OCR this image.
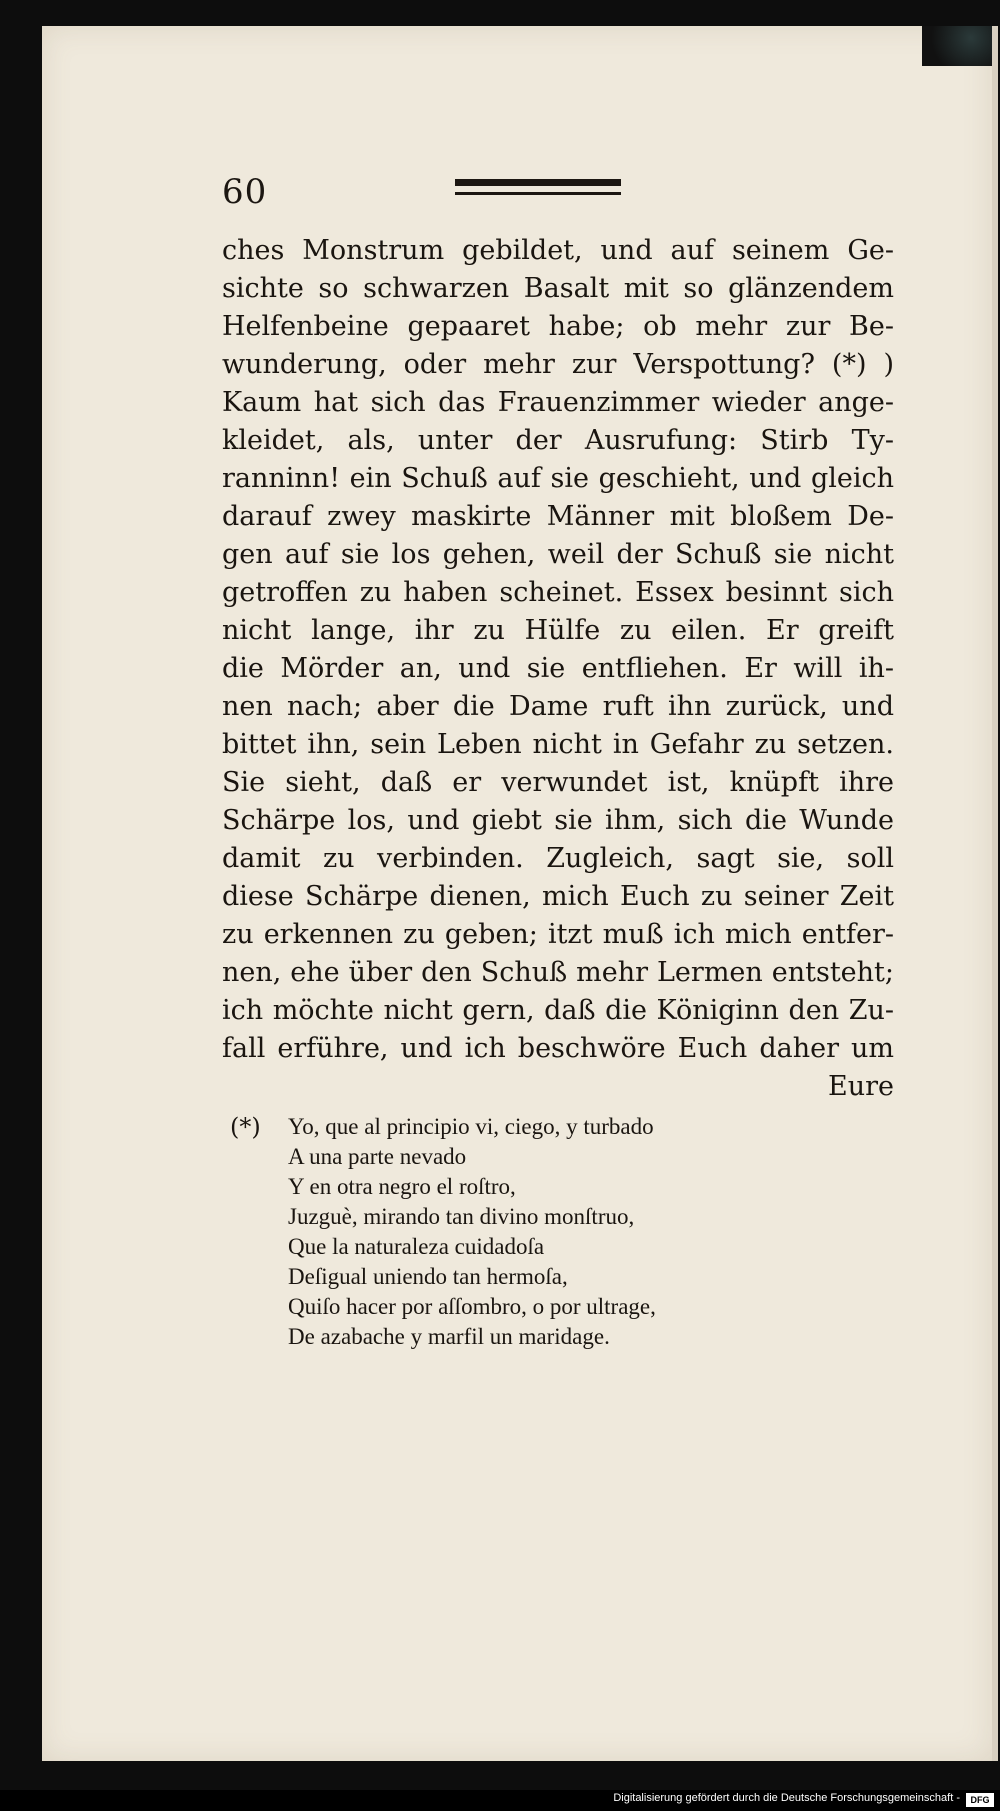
60
ches Monstrum gebildet, und auf seinem Ge-
sichte so schwarzen Basalt mit so glänzendem
Helfenbeine gepaaret habe; ob mehr zur Be-
wunderung, oder mehr zur Verspottung? (*) )
Kaum hat sich das Frauenzimmer wieder ange-
kleidet, als, unter der Ausrufung: Stirb Ty-
ranninn! ein Schuß auf sie geschieht, und gleich
darauf zwey maskirte Männer mit bloßem De-
gen auf sie los gehen, weil der Schuß sie nicht
getroffen zu haben scheinet. Essex besinnt sich
nicht lange, ihr zu Hülfe zu eilen. Er greift
die Mörder an, und sie entfliehen. Er will ih-
nen nach; aber die Dame ruft ihn zurück, und
bittet ihn, sein Leben nicht in Gefahr zu setzen.
Sie sieht, daß er verwundet ist, knüpft ihre
Schärpe los, und giebt sie ihm, sich die Wunde
damit zu verbinden. Zugleich, sagt sie, soll
diese Schärpe dienen, mich Euch zu seiner Zeit
zu erkennen zu geben; itzt muß ich mich entfer-
nen, ehe über den Schuß mehr Lermen entsteht;
ich möchte nicht gern, daß die Königinn den Zu-
fall erführe, und ich beschwöre Euch daher um
Eure
(*) Yo, que al principio vi, ciego, y turbado
A una parte nevado
Y en otra negro el roſtro,
Juzguè, mirando tan divino monſtruo,
Que la naturaleza cuidadoſa
Deſigual uniendo tan hermoſa,
Quiſo hacer por aſſombro, o por ultrage,
De azabache y marfil un maridage.
Digitalisierung gefördert durch die Deutsche Forschungsgemeinschaft -	DFG
